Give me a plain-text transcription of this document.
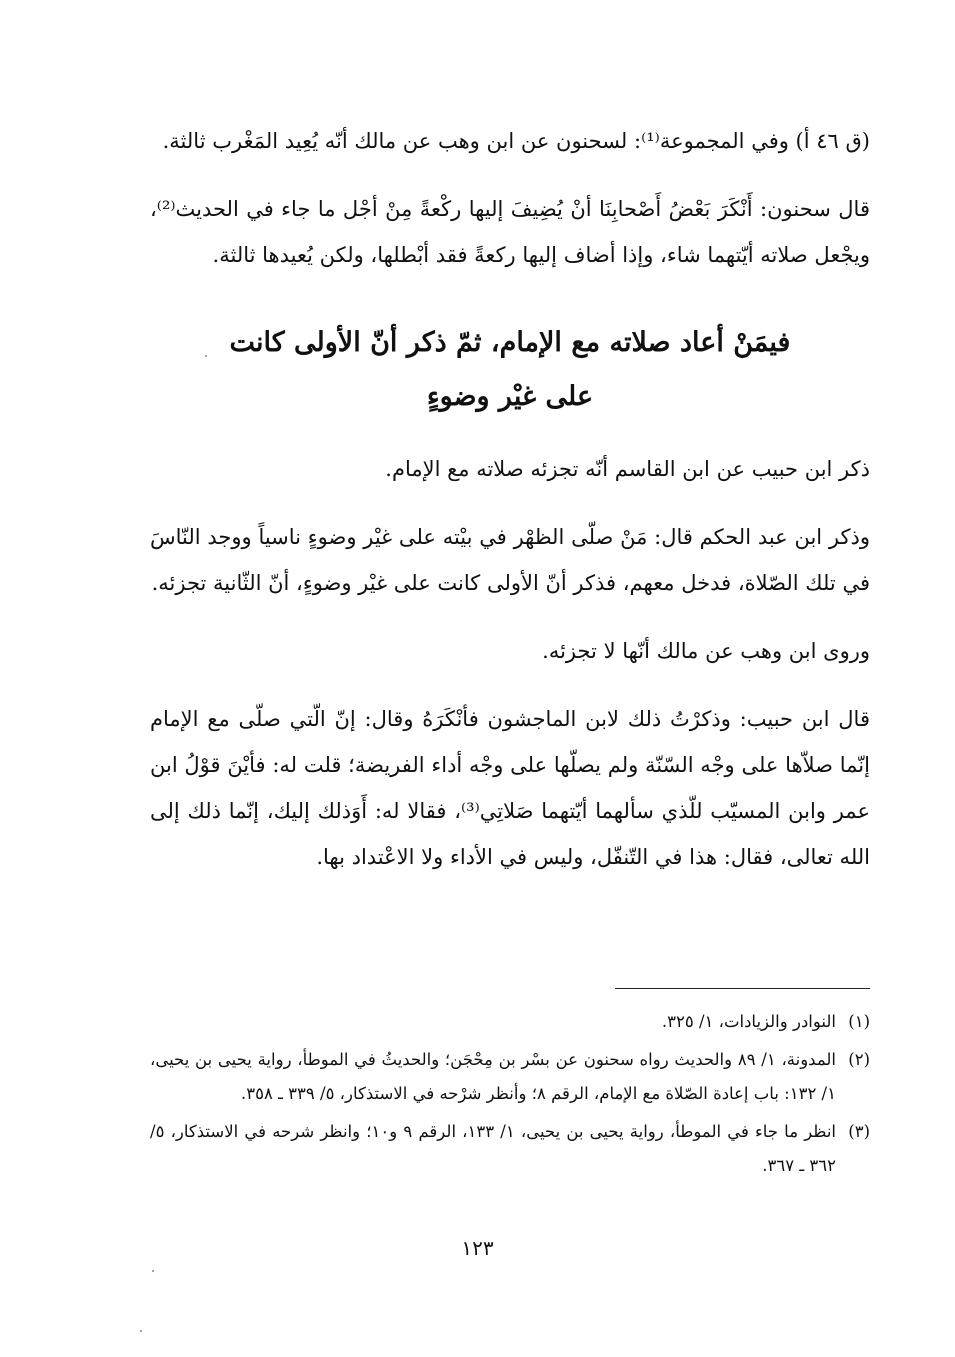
(ق ٤٦ أ) وفي المجموعة⁽¹⁾: لسحنون عن ابن وهب عن مالك أنّه يُعِيد المَغْرب ثالثة.

قال سحنون: أَنْكَرَ بَعْضُ أَصْحابِنَا أنْ يُضِيفَ إليها ركْعةً مِنْ أجْل ما جاء في الحديث⁽²⁾، ويجْعل صلاته أيّتهما شاء، وإذا أضاف إليها ركعةً فقد أبْطلها، ولكن يُعيدها ثالثة.

فيمَنْ أعاد صلاته مع الإمام، ثمّ ذكر أنّ الأولى كانت
على غيْر وضوءٍ

ذكر ابن حبيب عن ابن القاسم أنّه تجزئه صلاته مع الإمام.

وذكر ابن عبد الحكم قال: مَنْ صلّى الظهْر في بيْته على غيْر وضوءٍ ناسياً ووجد النّاسَ في تلك الصّلاة، فدخل معهم، فذكر أنّ الأولى كانت على غيْر وضوءٍ، أنّ الثّانية تجزئه.

وروى ابن وهب عن مالك أنّها لا تجزئه.

قال ابن حبيب: وذكرْتُ ذلك لابن الماجشون فأنْكَرَهُ وقال: إنّ الّتي صلّى مع الإمام إنّما صلاّها على وجْه السّنّة ولم يصلّها على وجْه أداء الفريضة؛ قلت له: فأيْنَ قوْلُ ابن عمر وابن المسيّب للّذي سألهما أيّتهما صَلاتِي⁽³⁾، فقالا له: أَوَذلك إليك، إنّما ذلك إلى الله تعالى، فقال: هذا في التّنفّل، وليس في الأداء ولا الاعْتداد بها.

(١)
النوادر والزيادات، ١/ ٣٢٥.
(٢)
المدونة، ١/ ٨٩ والحديث رواه سحنون عن بسْر بن مِحْجَن؛ والحديثُ في الموطأ، رواية يحيى بن يحيى، ١/ ١٣٢: باب إعادة الصّلاة مع الإمام، الرقم ٨؛ وأنظر شرْحه في الاستذكار، ٥/ ٣٣٩ ـ ٣٥٨.
(٣)
انظر ما جاء في الموطأ، رواية يحيى بن يحيى، ١/ ١٣٣، الرقم ٩ و١٠؛ وانظر شرحه في الاستذكار، ٥/ ٣٦٢ ـ ٣٦٧.
١٢٣
